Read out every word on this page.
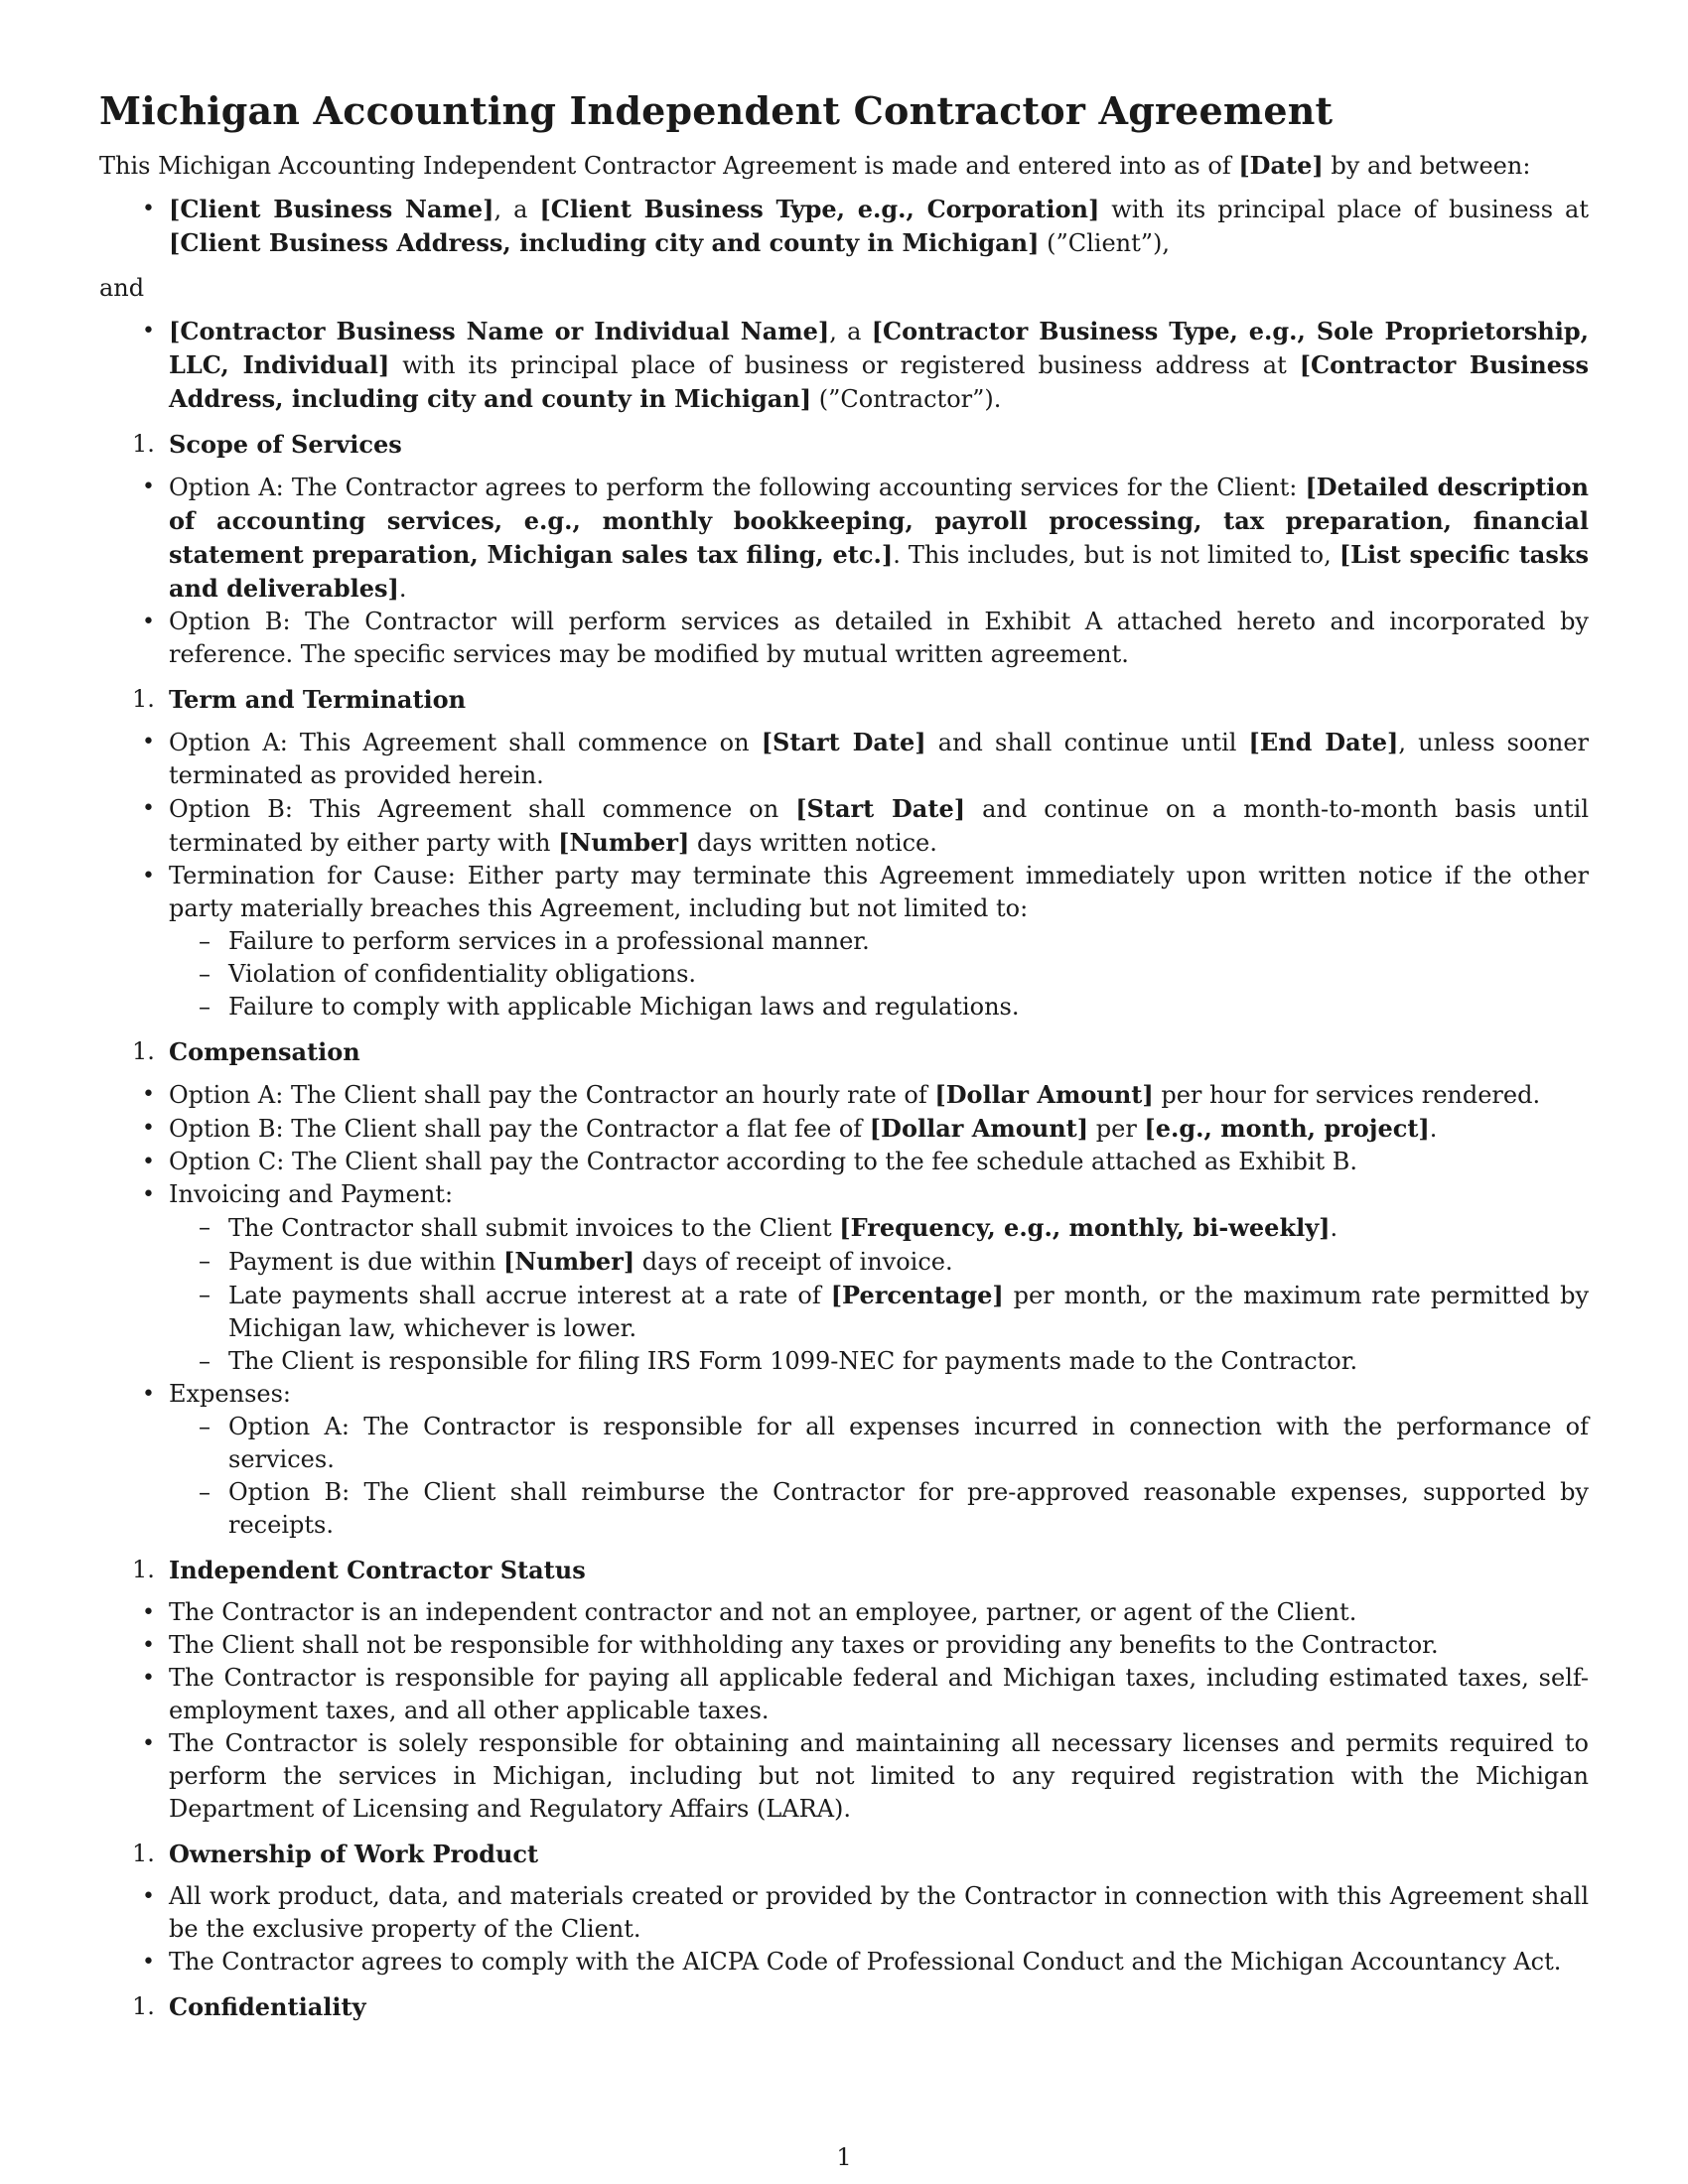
Michigan Accounting Independent Contractor Agreement

This Michigan Accounting Independent Contractor Agreement is made and entered into as of [Date] by and between:

• [Client Business Name], a [Client Business Type, e.g., Corporation] with its principal place of business at [Client Business Address, including city and county in Michigan] (”Client”),

and

• [Contractor Business Name or Individual Name], a [Contractor Business Type, e.g., Sole Proprietorship, LLC, Individual] with its principal place of business or registered business address at [Contractor Business Address, including city and county in Michigan] (”Contractor”).
1. Scope of Services
• Option A: The Contractor agrees to perform the following accounting services for the Client: [Detailed description of accounting services, e.g., monthly bookkeeping, payroll processing, tax preparation, financial statement preparation, Michigan sales tax filing, etc.]. This includes, but is not limited to, [List specific tasks and deliverables].
• Option B: The Contractor will perform services as detailed in Exhibit A attached hereto and incorporated by reference. The specific services may be modified by mutual written agreement.
1. Term and Termination
• Option A: This Agreement shall commence on [Start Date] and shall continue until [End Date], unless sooner terminated as provided herein.
• Option B: This Agreement shall commence on [Start Date] and continue on a month-to-month basis until terminated by either party with [Number] days written notice.
• Termination for Cause: Either party may terminate this Agreement immediately upon written notice if the other party materially breaches this Agreement, including but not limited to:
– Failure to perform services in a professional manner.
– Violation of confidentiality obligations.
– Failure to comply with applicable Michigan laws and regulations.
1. Compensation
• Option A: The Client shall pay the Contractor an hourly rate of [Dollar Amount] per hour for services rendered.
• Option B: The Client shall pay the Contractor a flat fee of [Dollar Amount] per [e.g., month, project].
• Option C: The Client shall pay the Contractor according to the fee schedule attached as Exhibit B.
• Invoicing and Payment:
– The Contractor shall submit invoices to the Client [Frequency, e.g., monthly, bi-weekly].
– Payment is due within [Number] days of receipt of invoice.
– Late payments shall accrue interest at a rate of [Percentage] per month, or the maximum rate permitted by Michigan law, whichever is lower.
– The Client is responsible for filing IRS Form 1099-NEC for payments made to the Contractor.
• Expenses:
– Option A: The Contractor is responsible for all expenses incurred in connection with the performance of services.
– Option B: The Client shall reimburse the Contractor for pre-approved reasonable expenses, supported by receipts.
1. Independent Contractor Status
• The Contractor is an independent contractor and not an employee, partner, or agent of the Client.
• The Client shall not be responsible for withholding any taxes or providing any benefits to the Contractor.
• The Contractor is responsible for paying all applicable federal and Michigan taxes, including estimated taxes, self-employment taxes, and all other applicable taxes.
• The Contractor is solely responsible for obtaining and maintaining all necessary licenses and permits required to perform the services in Michigan, including but not limited to any required registration with the Michigan Department of Licensing and Regulatory Affairs (LARA).
1. Ownership of Work Product
• All work product, data, and materials created or provided by the Contractor in connection with this Agreement shall be the exclusive property of the Client.
• The Contractor agrees to comply with the AICPA Code of Professional Conduct and the Michigan Accountancy Act.
1. Confidentiality
1
